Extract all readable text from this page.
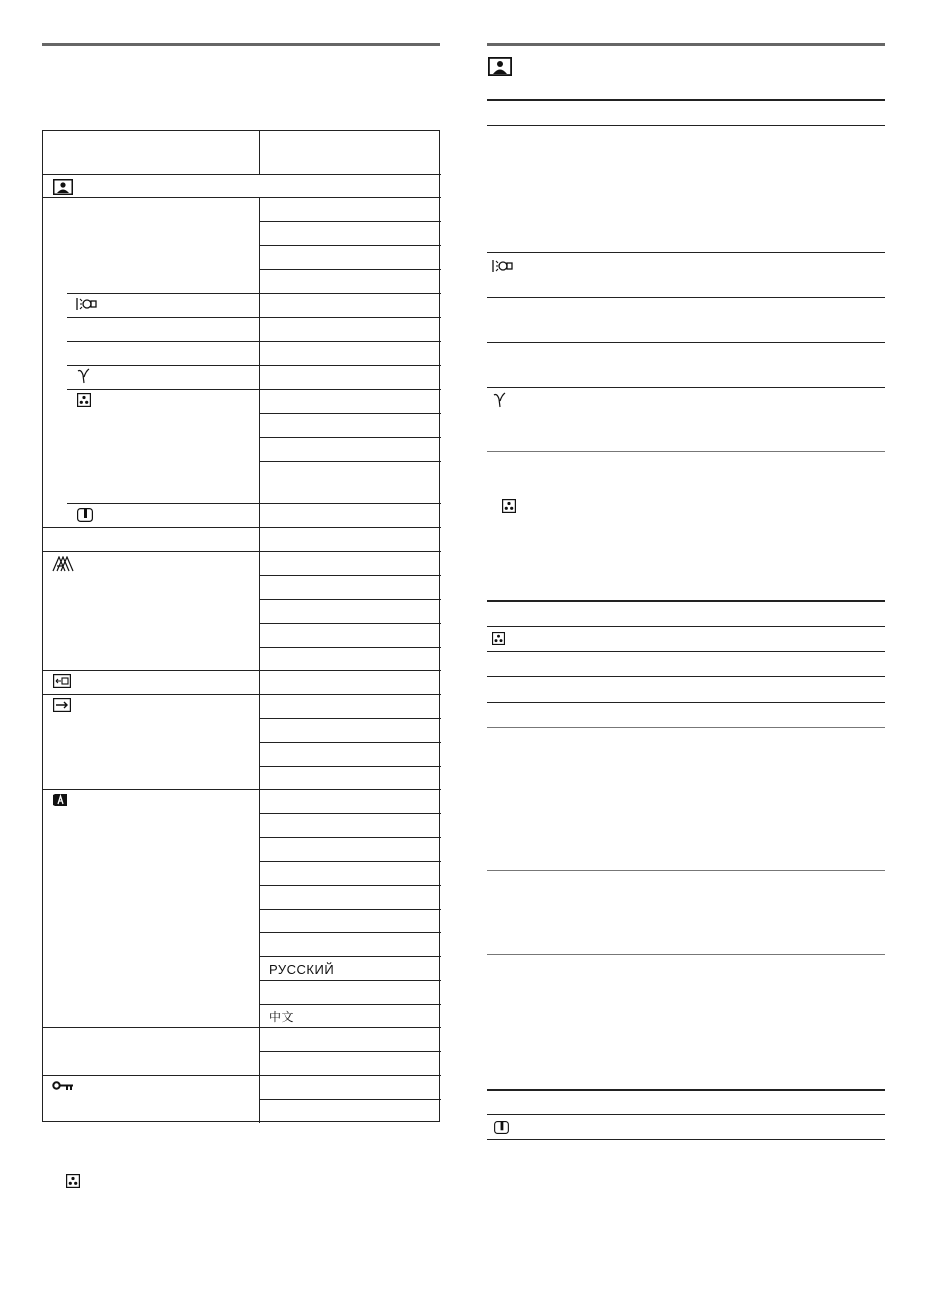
РУССКИЙ
中文
